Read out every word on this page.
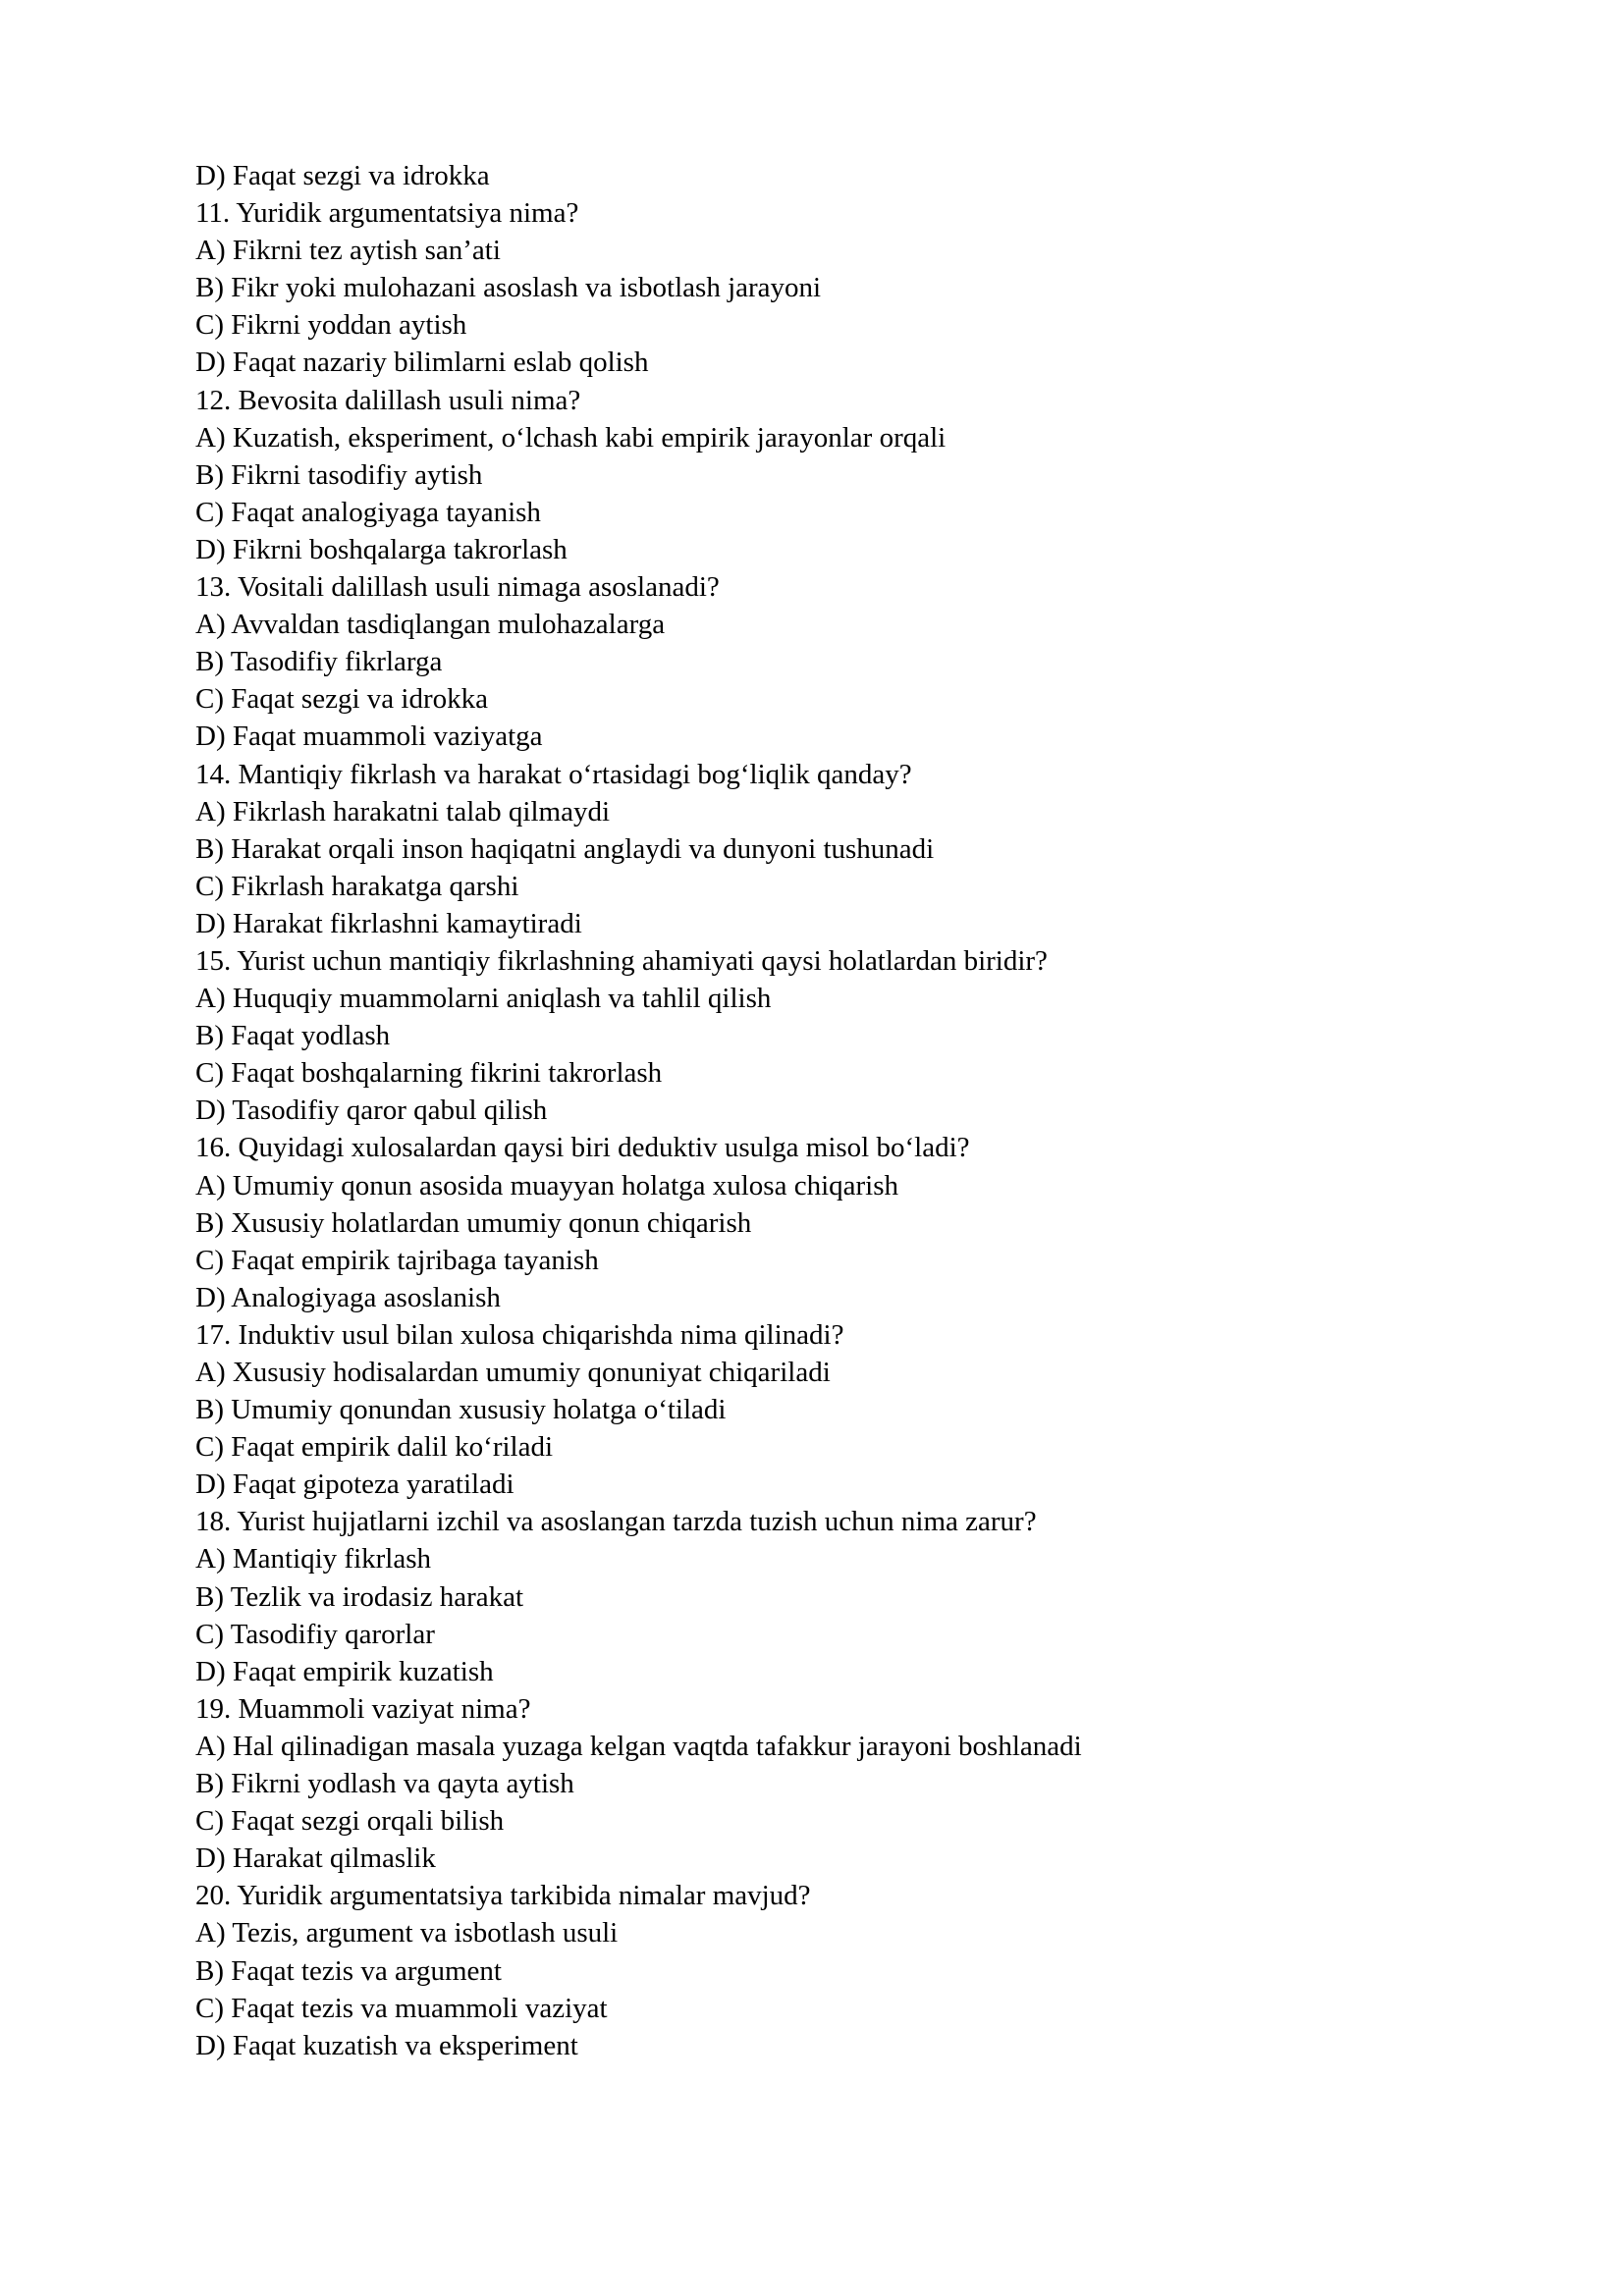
D) Faqat sezgi va idrokka

11. Yuridik argumentatsiya nima?

A) Fikrni tez aytish san’ati

B) Fikr yoki mulohazani asoslash va isbotlash jarayoni

C) Fikrni yoddan aytish

D) Faqat nazariy bilimlarni eslab qolish

12. Bevosita dalillash usuli nima?

A) Kuzatish, eksperiment, o‘lchash kabi empirik jarayonlar orqali

B) Fikrni tasodifiy aytish

C) Faqat analogiyaga tayanish

D) Fikrni boshqalarga takrorlash

13. Vositali dalillash usuli nimaga asoslanadi?

A) Avvaldan tasdiqlangan mulohazalarga

B) Tasodifiy fikrlarga

C) Faqat sezgi va idrokka

D) Faqat muammoli vaziyatga

14. Mantiqiy fikrlash va harakat o‘rtasidagi bog‘liqlik qanday?

A) Fikrlash harakatni talab qilmaydi

B) Harakat orqali inson haqiqatni anglaydi va dunyoni tushunadi

C) Fikrlash harakatga qarshi

D) Harakat fikrlashni kamaytiradi

15. Yurist uchun mantiqiy fikrlashning ahamiyati qaysi holatlardan biridir?

A) Huquqiy muammolarni aniqlash va tahlil qilish

B) Faqat yodlash

C) Faqat boshqalarning fikrini takrorlash

D) Tasodifiy qaror qabul qilish

16. Quyidagi xulosalardan qaysi biri deduktiv usulga misol bo‘ladi?

A) Umumiy qonun asosida muayyan holatga xulosa chiqarish

B) Xususiy holatlardan umumiy qonun chiqarish

C) Faqat empirik tajribaga tayanish

D) Analogiyaga asoslanish

17. Induktiv usul bilan xulosa chiqarishda nima qilinadi?

A) Xususiy hodisalardan umumiy qonuniyat chiqariladi

B) Umumiy qonundan xususiy holatga o‘tiladi

C) Faqat empirik dalil ko‘riladi

D) Faqat gipoteza yaratiladi

18. Yurist hujjatlarni izchil va asoslangan tarzda tuzish uchun nima zarur?

A) Mantiqiy fikrlash

B) Tezlik va irodasiz harakat

C) Tasodifiy qarorlar

D) Faqat empirik kuzatish

19. Muammoli vaziyat nima?

A) Hal qilinadigan masala yuzaga kelgan vaqtda tafakkur jarayoni boshlanadi

B) Fikrni yodlash va qayta aytish

C) Faqat sezgi orqali bilish

D) Harakat qilmaslik

20. Yuridik argumentatsiya tarkibida nimalar mavjud?

A) Tezis, argument va isbotlash usuli

B) Faqat tezis va argument

C) Faqat tezis va muammoli vaziyat

D) Faqat kuzatish va eksperiment
